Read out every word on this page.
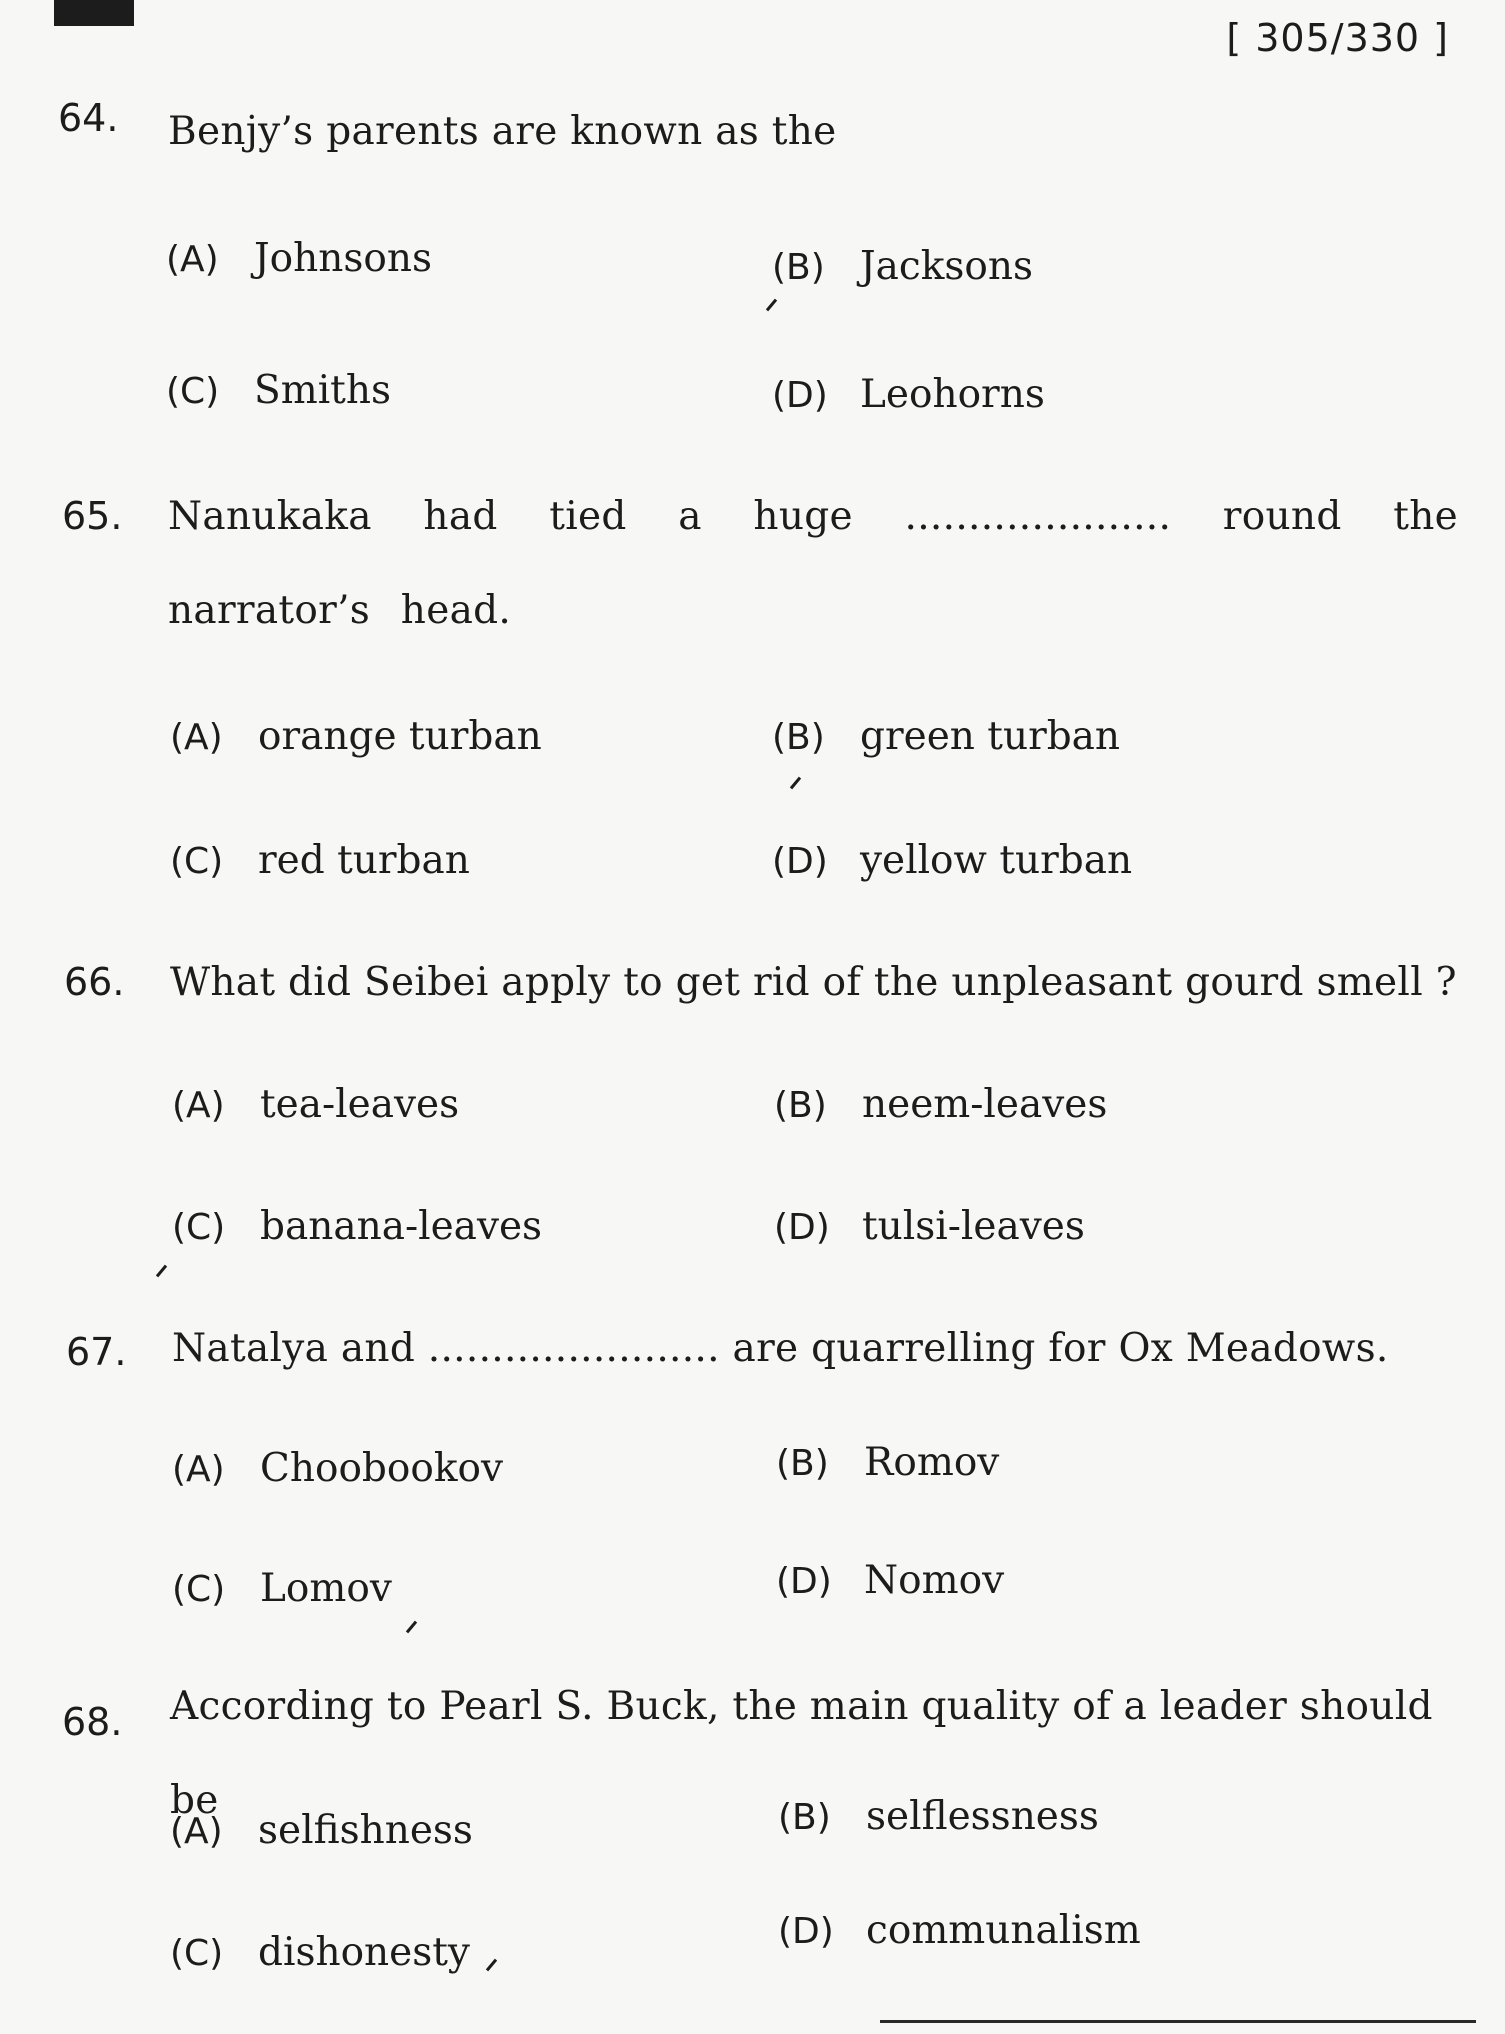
[ 305/330 ]
64. Benjy’s parents are known as the
(A) Johnsons	(B) Jacksons
(C) Smiths	(D) Leohorns
65. Nanukaka had tied a huge ..................... round the narrator’s head.
(A) orange turban	(B) green turban
(C) red turban	(D) yellow turban
66. What did Seibei apply to get rid of the unpleasant gourd smell ?
(A) tea-leaves	(B) neem-leaves
(C) banana-leaves	(D) tulsi-leaves
67. Natalya and ....................... are quarrelling for Ox Meadows.
(A) Choobookov	(B) Romov
(C) Lomov	(D) Nomov
68. According to Pearl S. Buck, the main quality of a leader should be
(A) selfishness	(B) selflessness
(C) dishonesty	(D) communalism
